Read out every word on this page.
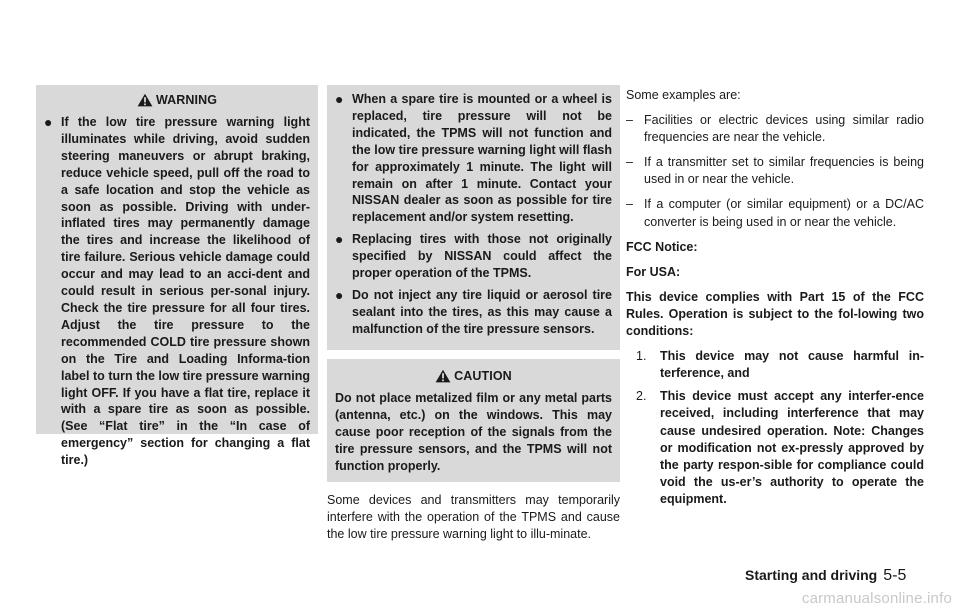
WARNING
● If the low tire pressure warning light illuminates while driving, avoid sudden steering maneuvers or abrupt braking, reduce vehicle speed, pull off the road to a safe location and stop the vehicle as soon as possible. Driving with under-inflated tires may permanently damage the tires and increase the likelihood of tire failure. Serious vehicle damage could occur and may lead to an acci-dent and could result in serious per-sonal injury. Check the tire pressure for all four tires. Adjust the tire pressure to the recommended COLD tire pressure shown on the Tire and Loading Informa-tion label to turn the low tire pressure warning light OFF. If you have a flat tire, replace it with a spare tire as soon as possible. (See “Flat tire” in the “In case of emergency” section for changing a flat tire.)
● When a spare tire is mounted or a wheel is replaced, tire pressure will not be indicated, the TPMS will not function and the low tire pressure warning light will flash for approximately 1 minute. The light will remain on after 1 minute. Contact your NISSAN dealer as soon as possible for tire replacement and/or system resetting.
● Replacing tires with those not originally specified by NISSAN could affect the proper operation of the TPMS.
● Do not inject any tire liquid or aerosol tire sealant into the tires, as this may cause a malfunction of the tire pressure sensors.
CAUTION
Do not place metalized film or any metal parts (antenna, etc.) on the windows. This may cause poor reception of the signals from the tire pressure sensors, and the TPMS will not function properly.

Some devices and transmitters may temporarily interfere with the operation of the TPMS and cause the low tire pressure warning light to illu-minate.

Some examples are:

– Facilities or electric devices using similar radio frequencies are near the vehicle.
– If a transmitter set to similar frequencies is being used in or near the vehicle.
– If a computer (or similar equipment) or a DC/AC converter is being used in or near the vehicle.

FCC Notice:

For USA:

This device complies with Part 15 of the FCC Rules. Operation is subject to the fol-lowing two conditions:

1.	This device may not cause harmful in-terference, and
2.	This device must accept any interfer-ence received, including interference that may cause undesired operation. Note: Changes or modification not ex-pressly approved by the party respon-sible for compliance could void the us-er’s authority to operate the equipment.
Starting and driving 5-5
carmanualsonline.info
